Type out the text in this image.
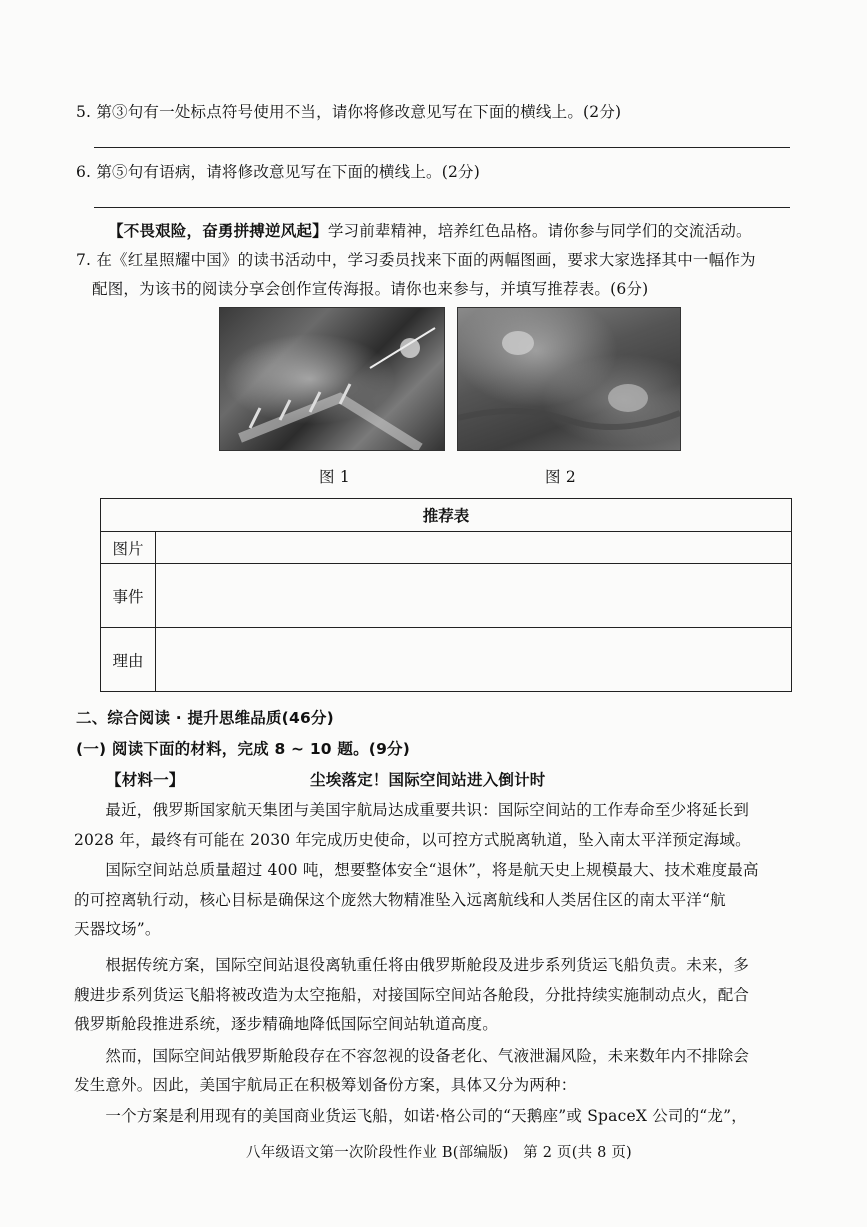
5. 第③句有一处标点符号使用不当，请你将修改意见写在下面的横线上。(2分)
6. 第⑤句有语病，请将修改意见写在下面的横线上。(2分)
【不畏艰险，奋勇拼搏逆风起】学习前辈精神，培养红色品格。请你参与同学们的交流活动。
7. 在《红星照耀中国》的读书活动中，学习委员找来下面的两幅图画，要求大家选择其中一幅作为
配图，为该书的阅读分享会创作宣传海报。请你也来参与，并填写推荐表。(6分)
图 1	图 2
推荐表	
图片	
事件	
理由	
二、综合阅读 · 提升思维品质(46分)
(一) 阅读下面的材料，完成 8 ~ 10 题。(9分)
【材料一】	尘埃落定！国际空间站进入倒计时
　　最近，俄罗斯国家航天集团与美国宇航局达成重要共识：国际空间站的工作寿命至少将延长到
2028 年，最终有可能在 2030 年完成历史使命，以可控方式脱离轨道，坠入南太平洋预定海域。
　　国际空间站总质量超过 400 吨，想要整体安全“退休”，将是航天史上规模最大、技术难度最高
的可控离轨行动，核心目标是确保这个庞然大物精准坠入远离航线和人类居住区的南太平洋“航
天器坟场”。
　　根据传统方案，国际空间站退役离轨重任将由俄罗斯舱段及进步系列货运飞船负责。未来，多
艘进步系列货运飞船将被改造为太空拖船，对接国际空间站各舱段，分批持续实施制动点火，配合
俄罗斯舱段推进系统，逐步精确地降低国际空间站轨道高度。
　　然而，国际空间站俄罗斯舱段存在不容忽视的设备老化、气液泄漏风险，未来数年内不排除会
发生意外。因此，美国宇航局正在积极筹划备份方案，具体又分为两种：
　　一个方案是利用现有的美国商业货运飞船，如诺·格公司的“天鹅座”或 SpaceX 公司的“龙”，
八年级语文第一次阶段性作业 B(部编版)　第 2 页(共 8 页)
